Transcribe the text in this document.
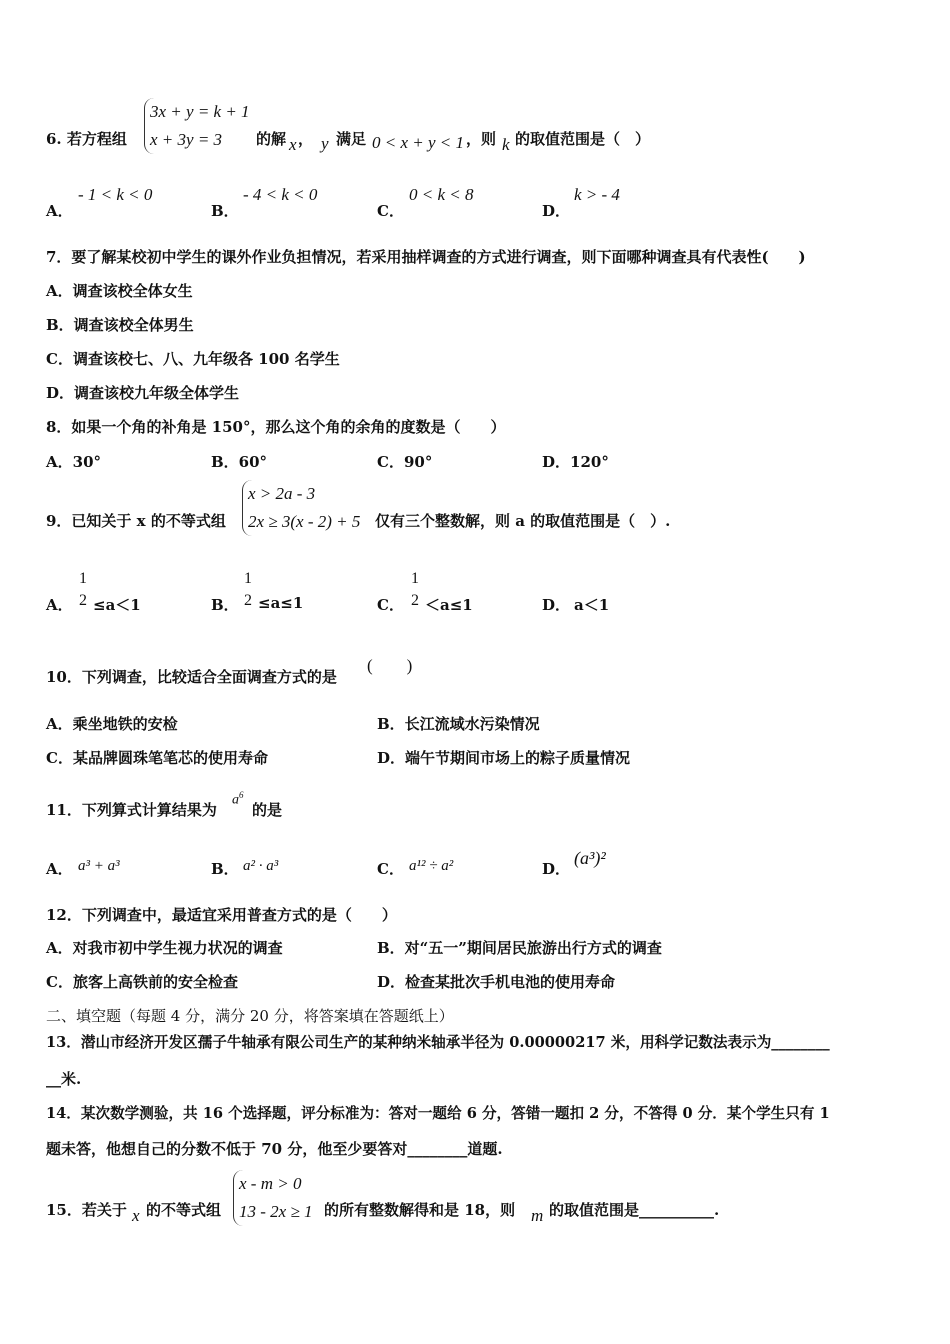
6. 若方程组
3x + y = k + 1
x + 3y = 3	的解 x ， y 满足 0 < x + y < 1 ，则 k 的取值范围是（　）
A．
- 1 < k < 0
B．
- 4 < k < 0
C．
0 < k < 8
D．
k > - 4
7．要了解某校初中学生的课外作业负担情况，若采用抽样调查的方式进行调查，则下面哪种调查具有代表性(　　)
A．调查该校全体女生
B．调查该校全体男生
C．调查该校七、八、九年级各 100 名学生
D．调查该校九年级全体学生
8．如果一个角的补角是 150°，那么这个角的余角的度数是（　　）
A．30°	B．60°	C．90°	D．120°
9．已知关于 x 的不等式组
x > 2a - 3
2x ≥ 3(x - 2) + 5 仅有三个整数解，则 a 的取值范围是（　）.
A．
1
2 ≤a＜1	B．
1
2 ≤a≤1	C．
1
2 ＜a≤1	D． a＜1
10．下列调查，比较适合全面调查方式的是
(　　)
A．乘坐地铁的安检	B．长江流域水污染情况
C．某品牌圆珠笔笔芯的使用寿命	D．端午节期间市场上的粽子质量情况
11．下列算式计算结果为
$a^6$
的是
A． a³ + a³	B． a² · a³	C． a¹² ÷ a²	D．
(a³)²
12．下列调查中，最适宜采用普查方式的是（　　）
A．对我市初中学生视力状况的调查	B．对“五一”期间居民旅游出行方式的调查
C．旅客上高铁前的安全检查	D．检查某批次手机电池的使用寿命
二、填空题（每题 4 分，满分 20 分，将答案填在答题纸上）
13．潜山市经济开发区孺子牛轴承有限公司生产的某种纳米轴承半径为 0.00000217 米，用科学记数法表示为________
__米.
14．某次数学测验，共 16 个选择题，评分标准为：答对一题给 6 分，答错一题扣 2 分，不答得 0 分．某个学生只有 1
题未答，他想自己的分数不低于 70 分，他至少要答对________道题.
15．若关于 x 的不等式组
x - m > 0
13 - 2x ≥ 1 的所有整数解得和是 18，则 m 的取值范围是__________.
